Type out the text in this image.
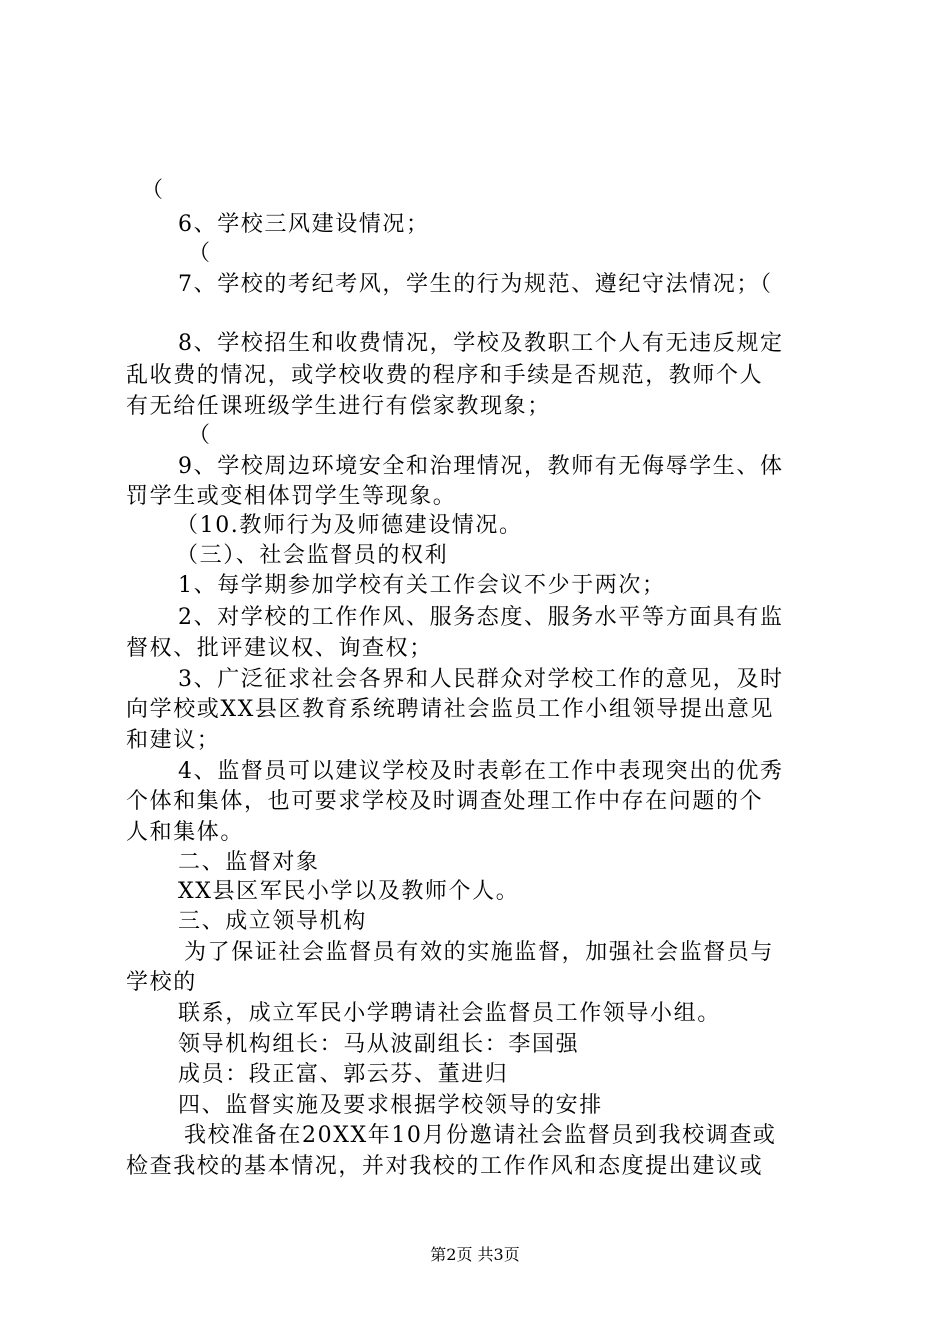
（
6、学校三风建设情况；
（
7、学校的考纪考风，学生的行为规范、遵纪守法情况；（
8、学校招生和收费情况，学校及教职工个人有无违反规定
乱收费的情况，或学校收费的程序和手续是否规范，教师个人
有无给任课班级学生进行有偿家教现象；
（
9、学校周边环境安全和治理情况，教师有无侮辱学生、体
罚学生或变相体罚学生等现象。
（10.教师行为及师德建设情况。
（三）、社会监督员的权利
1、每学期参加学校有关工作会议不少于两次；
2、对学校的工作作风、服务态度、服务水平等方面具有监
督权、批评建议权、询查权；
3、广泛征求社会各界和人民群众对学校工作的意见，及时
向学校或XX县区教育系统聘请社会监员工作小组领导提出意见
和建议；
4、监督员可以建议学校及时表彰在工作中表现突出的优秀
个体和集体，也可要求学校及时调查处理工作中存在问题的个
人和集体。
二、监督对象
XX县区军民小学以及教师个人。
三、成立领导机构
为了保证社会监督员有效的实施监督，加强社会监督员与
学校的
联系，成立军民小学聘请社会监督员工作领导小组。
领导机构组长：马从波副组长：李国强
成员：段正富、郭云芬、董进归
四、监督实施及要求根据学校领导的安排
我校准备在20XX年10月份邀请社会监督员到我校调查或
检查我校的基本情况，并对我校的工作作风和态度提出建议或
第2页 共3页
